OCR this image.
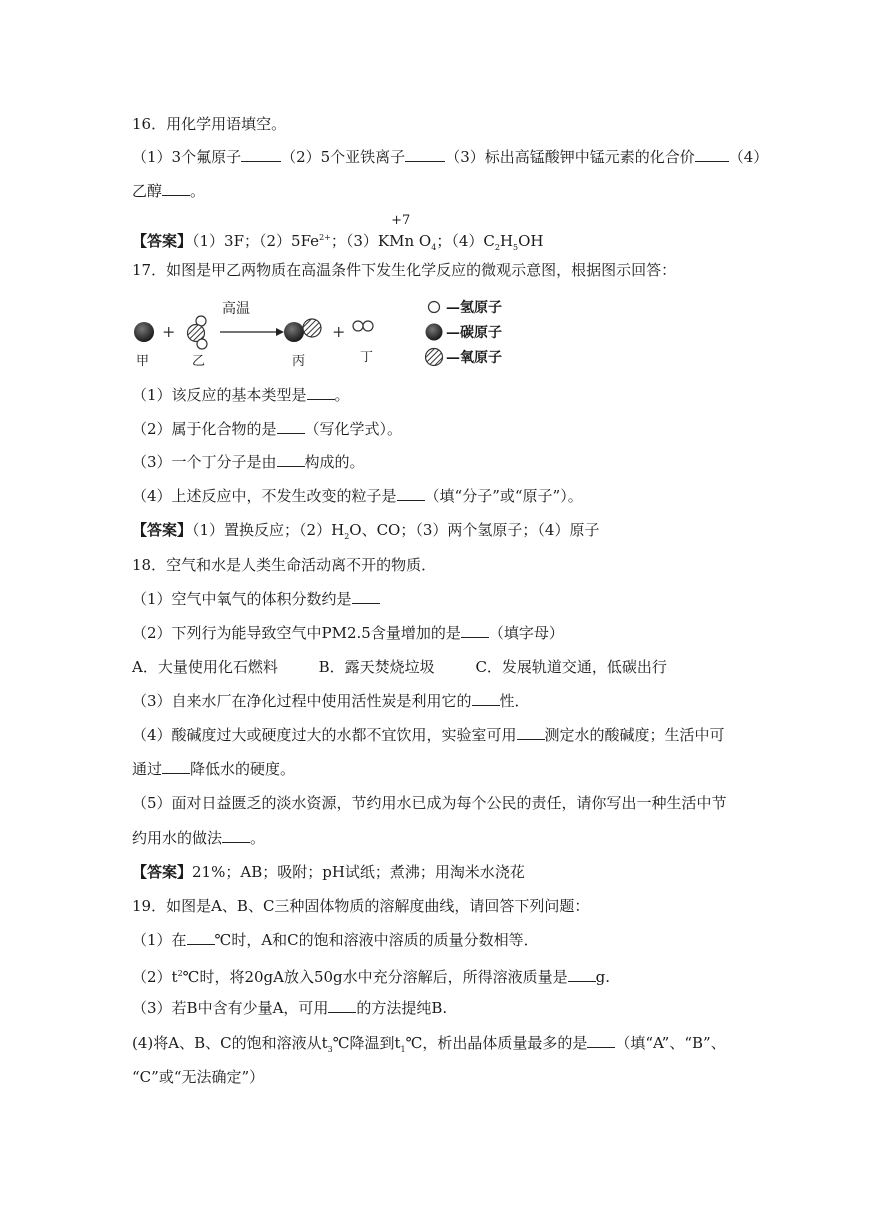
16．用化学用语填空。
（1）3个氟原子	（2）5个亚铁离子	（3）标出高锰酸钾中锰元素的化合价 （4）
乙醇 。
【答案】（1）3F；$(2)5Fe^{2+}$；（3）K
+7
Mn $O_4$；$(4)C_2H_5OH$
17．如图是甲乙两物质在高温条件下发生化学反应的微观示意图，根据图示回答：
+	+
高温
甲	乙	丙	丁
—氢原子
—碳原子
—氧原子
（1）该反应的基本类型是 。
（2）属于化合物的是 （写化学式）。
（3）一个丁分子是由 构成的。
（4）上述反应中，不发生改变的粒子是 （填“分子”或“原子”）。
【答案】（1）置换反应；$(2)H_2O$、CO；（3）两个氢原子；（4）原子
18．空气和水是人类生命活动离不开的物质．
（1）空气中氧气的体积分数约是
（2）下列行为能导致空气中PM2.5含量增加的是 （填字母）
A．大量使用化石燃料	B．露天焚烧垃圾	C．发展轨道交通，低碳出行
（3）自来水厂在净化过程中使用活性炭是利用它的 性．
（4）酸碱度过大或硬度过大的水都不宜饮用，实验室可用 测定水的酸碱度；生活中可
通过 降低水的硬度。
（5）面对日益匮乏的淡水资源，节约用水已成为每个公民的责任，请你写出一种生活中节
约用水的做法 。
【答案】21%；AB；吸附；pH试纸；煮沸；用淘米水浇花
19．如图是A、B、C三种固体物质的溶解度曲线，请回答下列问题：
（1）在 ℃时，A和C的饱和溶液中溶质的质量分数相等．
$(2)t^2℃$时，将20gA放入50g水中充分溶解后，所得溶液质量是 g.
（3）若B中含有少量A，可用 的方法提纯B.
(4)将A、B、C的饱和溶液从$t_3℃$降温到$t_1℃$，析出晶体质量最多的是 （填“A”、“B”、
“C”或“无法确定”）
